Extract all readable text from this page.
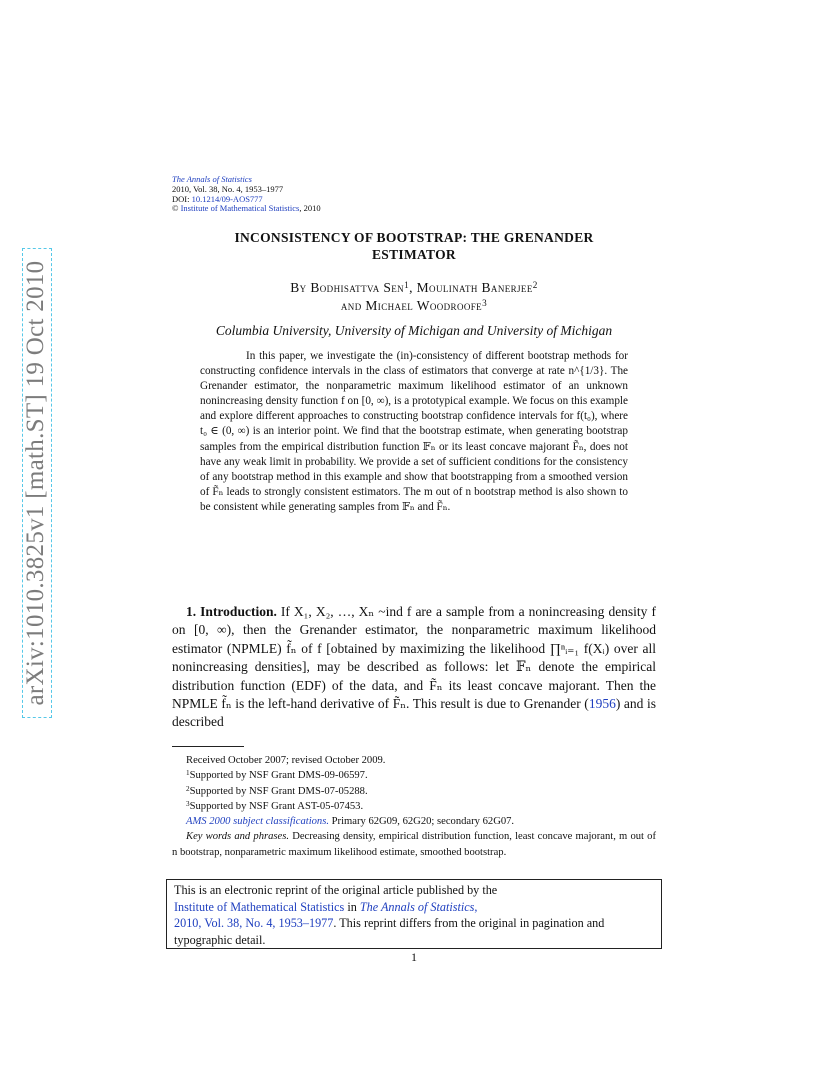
arXiv:1010.3825v1 [math.ST] 19 Oct 2010
The Annals of Statistics
2010, Vol. 38, No. 4, 1953–1977
DOI: 10.1214/09-AOS777
© Institute of Mathematical Statistics, 2010
INCONSISTENCY OF BOOTSTRAP: THE GRENANDER
ESTIMATOR
By Bodhisattva Sen$^1$, Moulinath Banerjee$^2$
and Michael Woodroofe$^3$
Columbia University, University of Michigan and University of Michigan

In this paper, we investigate the (in)-consistency of different bootstrap methods for constructing confidence intervals in the class of estimators that converge at rate n^{1/3}. The Grenander estimator, the nonparametric maximum likelihood estimator of an unknown nonincreasing density function f on [0, ∞), is a prototypical example. We focus on this example and explore different approaches to constructing bootstrap confidence intervals for f(t₀), where t₀ ∈ (0, ∞) is an interior point. We find that the bootstrap estimate, when generating bootstrap samples from the empirical distribution function 𝔽ₙ or its least concave majorant F̃ₙ, does not have any weak limit in probability. We provide a set of sufficient conditions for the consistency of any bootstrap method in this example and show that bootstrapping from a smoothed version of F̃ₙ leads to strongly consistent estimators. The m out of n bootstrap method is also shown to be consistent while generating samples from 𝔽ₙ and F̃ₙ.

1. Introduction. If X₁, X₂, …, Xₙ ~ind f are a sample from a nonincreasing density f on [0, ∞), then the Grenander estimator, the nonparametric maximum likelihood estimator (NPMLE) f̃ₙ of f [obtained by maximizing the likelihood ∏ⁿᵢ₌₁ f(Xᵢ) over all nonincreasing densities], may be described as follows: let 𝔽ₙ denote the empirical distribution function (EDF) of the data, and F̃ₙ its least concave majorant. Then the NPMLE f̃ₙ is the left-hand derivative of F̃ₙ. This result is due to Grenander (1956) and is described

Received October 2007; revised October 2009.
$^1$Supported by NSF Grant DMS-09-06597.
$^2$Supported by NSF Grant DMS-07-05288.
$^3$Supported by NSF Grant AST-05-07453.
AMS 2000 subject classifications. Primary 62G09, 62G20; secondary 62G07.
Key words and phrases. Decreasing density, empirical distribution function, least concave majorant, m out of n bootstrap, nonparametric maximum likelihood estimate, smoothed bootstrap.
This is an electronic reprint of the original article published by the
Institute of Mathematical Statistics in The Annals of Statistics,
2010, Vol. 38, No. 4, 1953–1977. This reprint differs from the original in pagination and typographic detail.
1
